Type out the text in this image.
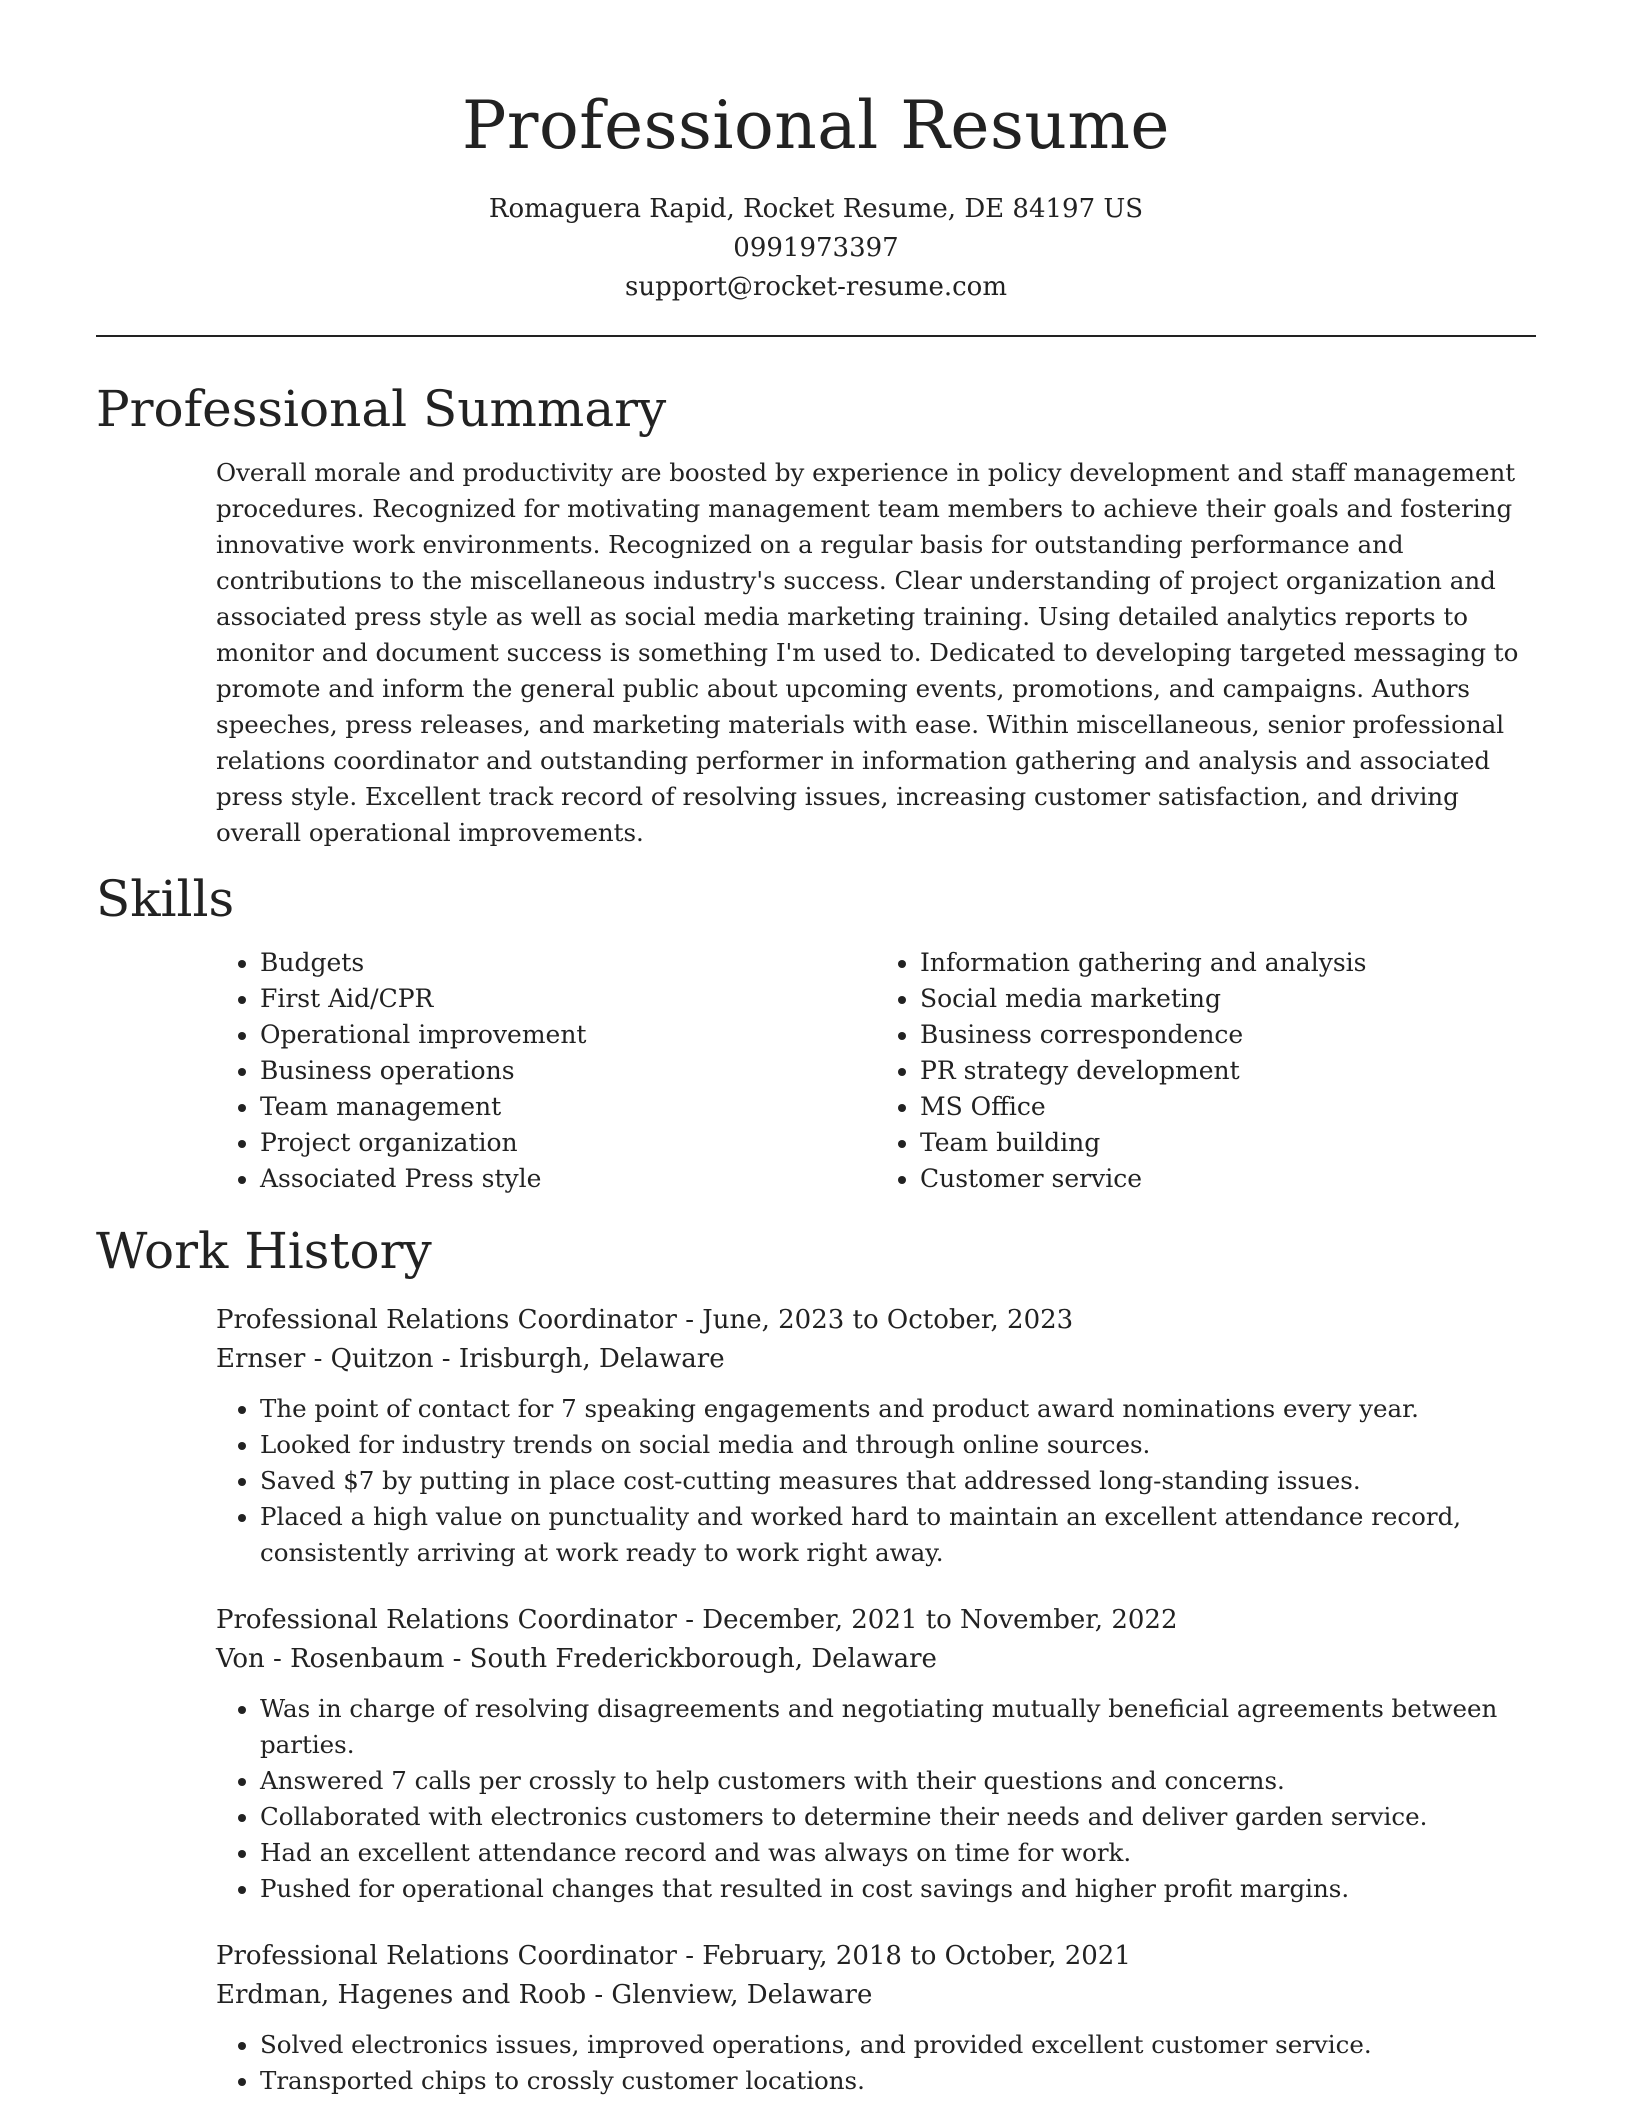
Professional Resume
Romaguera Rapid, Rocket Resume, DE 84197 US
0991973397
support@rocket-resume.com
Professional Summary
Overall morale and productivity are boosted by experience in policy development and staff management procedures. Recognized for motivating management team members to achieve their goals and fostering innovative work environments. Recognized on a regular basis for outstanding performance and contributions to the miscellaneous industry's success. Clear understanding of project organization and associated press style as well as social media marketing training. Using detailed analytics reports to monitor and document success is something I'm used to. Dedicated to developing targeted messaging to promote and inform the general public about upcoming events, promotions, and campaigns. Authors speeches, press releases, and marketing materials with ease. Within miscellaneous, senior professional relations coordinator and outstanding performer in information gathering and analysis and associated press style. Excellent track record of resolving issues, increasing customer satisfaction, and driving overall operational improvements.
Skills
• Budgets
• First Aid/CPR
• Operational improvement
• Business operations
• Team management
• Project organization
• Associated Press style
• Information gathering and analysis
• Social media marketing
• Business correspondence
• PR strategy development
• MS Office
• Team building
• Customer service
Work History
Professional Relations Coordinator - June, 2023 to October, 2023
Ernser - Quitzon - Irisburgh, Delaware
• The point of contact for 7 speaking engagements and product award nominations every year.
• Looked for industry trends on social media and through online sources.
• Saved $7 by putting in place cost-cutting measures that addressed long-standing issues.
• Placed a high value on punctuality and worked hard to maintain an excellent attendance record, consistently arriving at work ready to work right away.
Professional Relations Coordinator - December, 2021 to November, 2022
Von - Rosenbaum - South Frederickborough, Delaware
• Was in charge of resolving disagreements and negotiating mutually beneficial agreements between parties.
• Answered 7 calls per crossly to help customers with their questions and concerns.
• Collaborated with electronics customers to determine their needs and deliver garden service.
• Had an excellent attendance record and was always on time for work.
• Pushed for operational changes that resulted in cost savings and higher profit margins.
Professional Relations Coordinator - February, 2018 to October, 2021
Erdman, Hagenes and Roob - Glenview, Delaware
• Solved electronics issues, improved operations, and provided excellent customer service.
• Transported chips to crossly customer locations.
